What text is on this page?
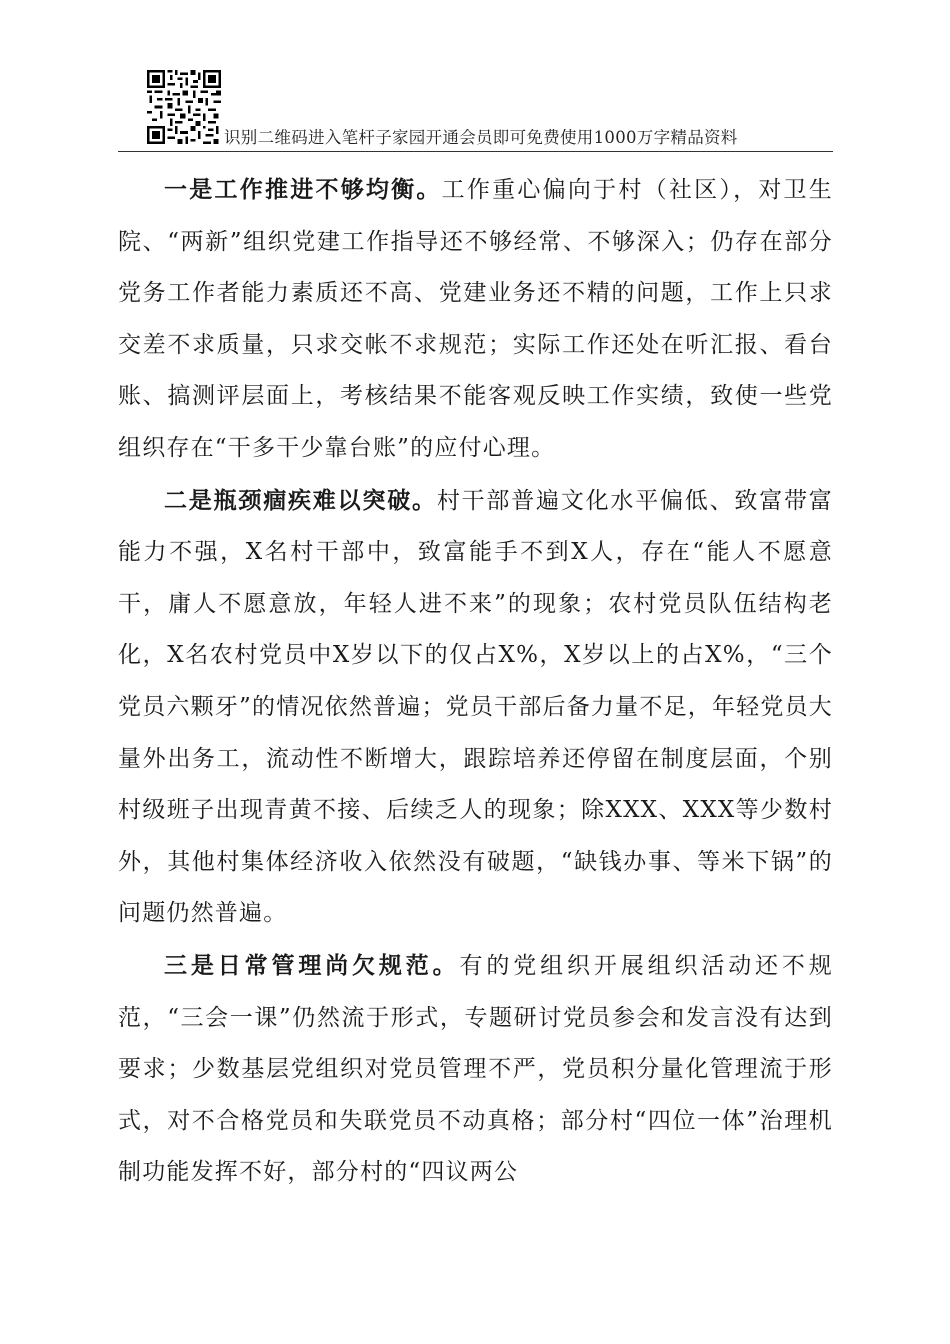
识别二维码进入笔杆子家园开通会员即可免费使用1000万字精品资料

一是工作推进不够均衡。工作重心偏向于村（社区），对卫生院、“两新”组织党建工作指导还不够经常、不够深入；仍存在部分党务工作者能力素质还不高、党建业务还不精的问题，工作上只求交差不求质量，只求交帐不求规范；实际工作还处在听汇报、看台账、搞测评层面上，考核结果不能客观反映工作实绩，致使一些党组织存在“干多干少靠台账”的应付心理。

二是瓶颈痼疾难以突破。村干部普遍文化水平偏低、致富带富能力不强，X名村干部中，致富能手不到X人，存在“能人不愿意干，庸人不愿意放，年轻人进不来”的现象；农村党员队伍结构老化，X名农村党员中X岁以下的仅占X%，X岁以上的占X%，“三个党员六颗牙”的情况依然普遍；党员干部后备力量不足，年轻党员大量外出务工，流动性不断增大，跟踪培养还停留在制度层面，个别村级班子出现青黄不接、后续乏人的现象；除XXX、XXX等少数村外，其他村集体经济收入依然没有破题，“缺钱办事、等米下锅”的问题仍然普遍。

三是日常管理尚欠规范。有的党组织开展组织活动还不规范，“三会一课”仍然流于形式，专题研讨党员参会和发言没有达到要求；少数基层党组织对党员管理不严，党员积分量化管理流于形式，对不合格党员和失联党员不动真格；部分村“四位一体”治理机制功能发挥不好，部分村的“四议两公
